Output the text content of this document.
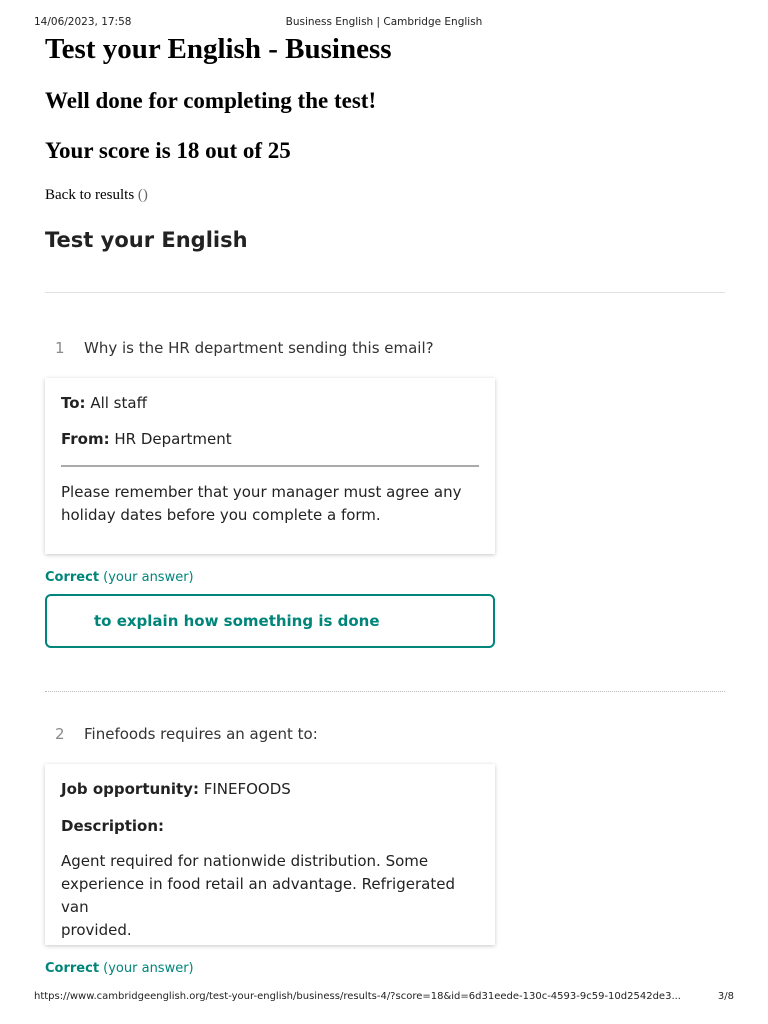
14/06/2023, 17:58	Business English | Cambridge English
Test your English - Business
Well done for completing the test!
Your score is 18 out of 25
Back to results ()
Test your English
1 Why is the HR department sending this email?
To: All staff
From: HR Department
Please remember that your manager must agree any
holiday dates before you complete a form.
Correct (your answer)
to explain how something is done
2 Finefoods requires an agent to:
Job opportunity: FINEFOODS
Description:
Agent required for nationwide distribution. Some
experience in food retail an advantage. Refrigerated van
provided.
Correct (your answer)
https://www.cambridgeenglish.org/test-your-english/business/results-4/?score=18&id=6d31eede-130c-4593-9c59-10d2542de3...	3/8
